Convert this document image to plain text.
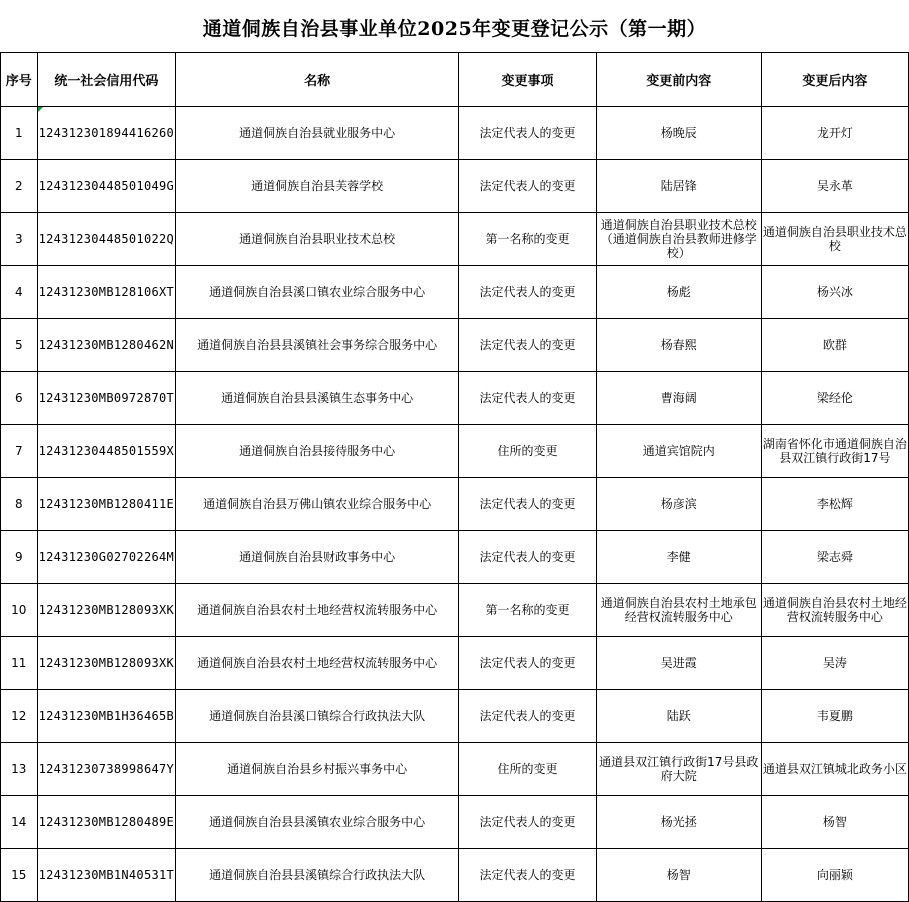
通道侗族自治县事业单位2025年变更登记公示（第一期）
序号	统一社会信用代码	名称	变更事项	变更前内容	变更后内容
1	124312301894416260	通道侗族自治县就业服务中心	法定代表人的变更	杨晚辰	龙开灯
2	12431230448501049G	通道侗族自治县芙蓉学校	法定代表人的变更	陆居锋	吴永革
3	12431230448501022Q	通道侗族自治县职业技术总校	第一名称的变更	通道侗族自治县职业技术总校（通道侗族自治县教师进修学校）	通道侗族自治县职业技术总校
4	12431230MB128106XT	通道侗族自治县溪口镇农业综合服务中心	法定代表人的变更	杨彪	杨兴冰
5	12431230MB1280462N	通道侗族自治县县溪镇社会事务综合服务中心	法定代表人的变更	杨春熙	欧群
6	12431230MB0972870T	通道侗族自治县县溪镇生态事务中心	法定代表人的变更	曹海阔	梁经伦
7	12431230448501559X	通道侗族自治县接待服务中心	住所的变更	通道宾馆院内	湖南省怀化市通道侗族自治县双江镇行政街17号
8	12431230MB1280411E	通道侗族自治县万佛山镇农业综合服务中心	法定代表人的变更	杨彦滨	李松辉
9	12431230G02702264M	通道侗族自治县财政事务中心	法定代表人的变更	李健	梁志舜
10	12431230MB128093XK	通道侗族自治县农村土地经营权流转服务中心	第一名称的变更	通道侗族自治县农村土地承包经营权流转服务中心	通道侗族自治县农村土地经营权流转服务中心
11	12431230MB128093XK	通道侗族自治县农村土地经营权流转服务中心	法定代表人的变更	吴进霞	吴涛
12	12431230MB1H36465B	通道侗族自治县溪口镇综合行政执法大队	法定代表人的变更	陆跃	韦夏鹏
13	12431230738998647Y	通道侗族自治县乡村振兴事务中心	住所的变更	通道县双江镇行政街17号县政府大院	通道县双江镇城北政务小区
14	12431230MB1280489E	通道侗族自治县县溪镇农业综合服务中心	法定代表人的变更	杨光拯	杨智
15	12431230MB1N40531T	通道侗族自治县县溪镇综合行政执法大队	法定代表人的变更	杨智	向丽颖
